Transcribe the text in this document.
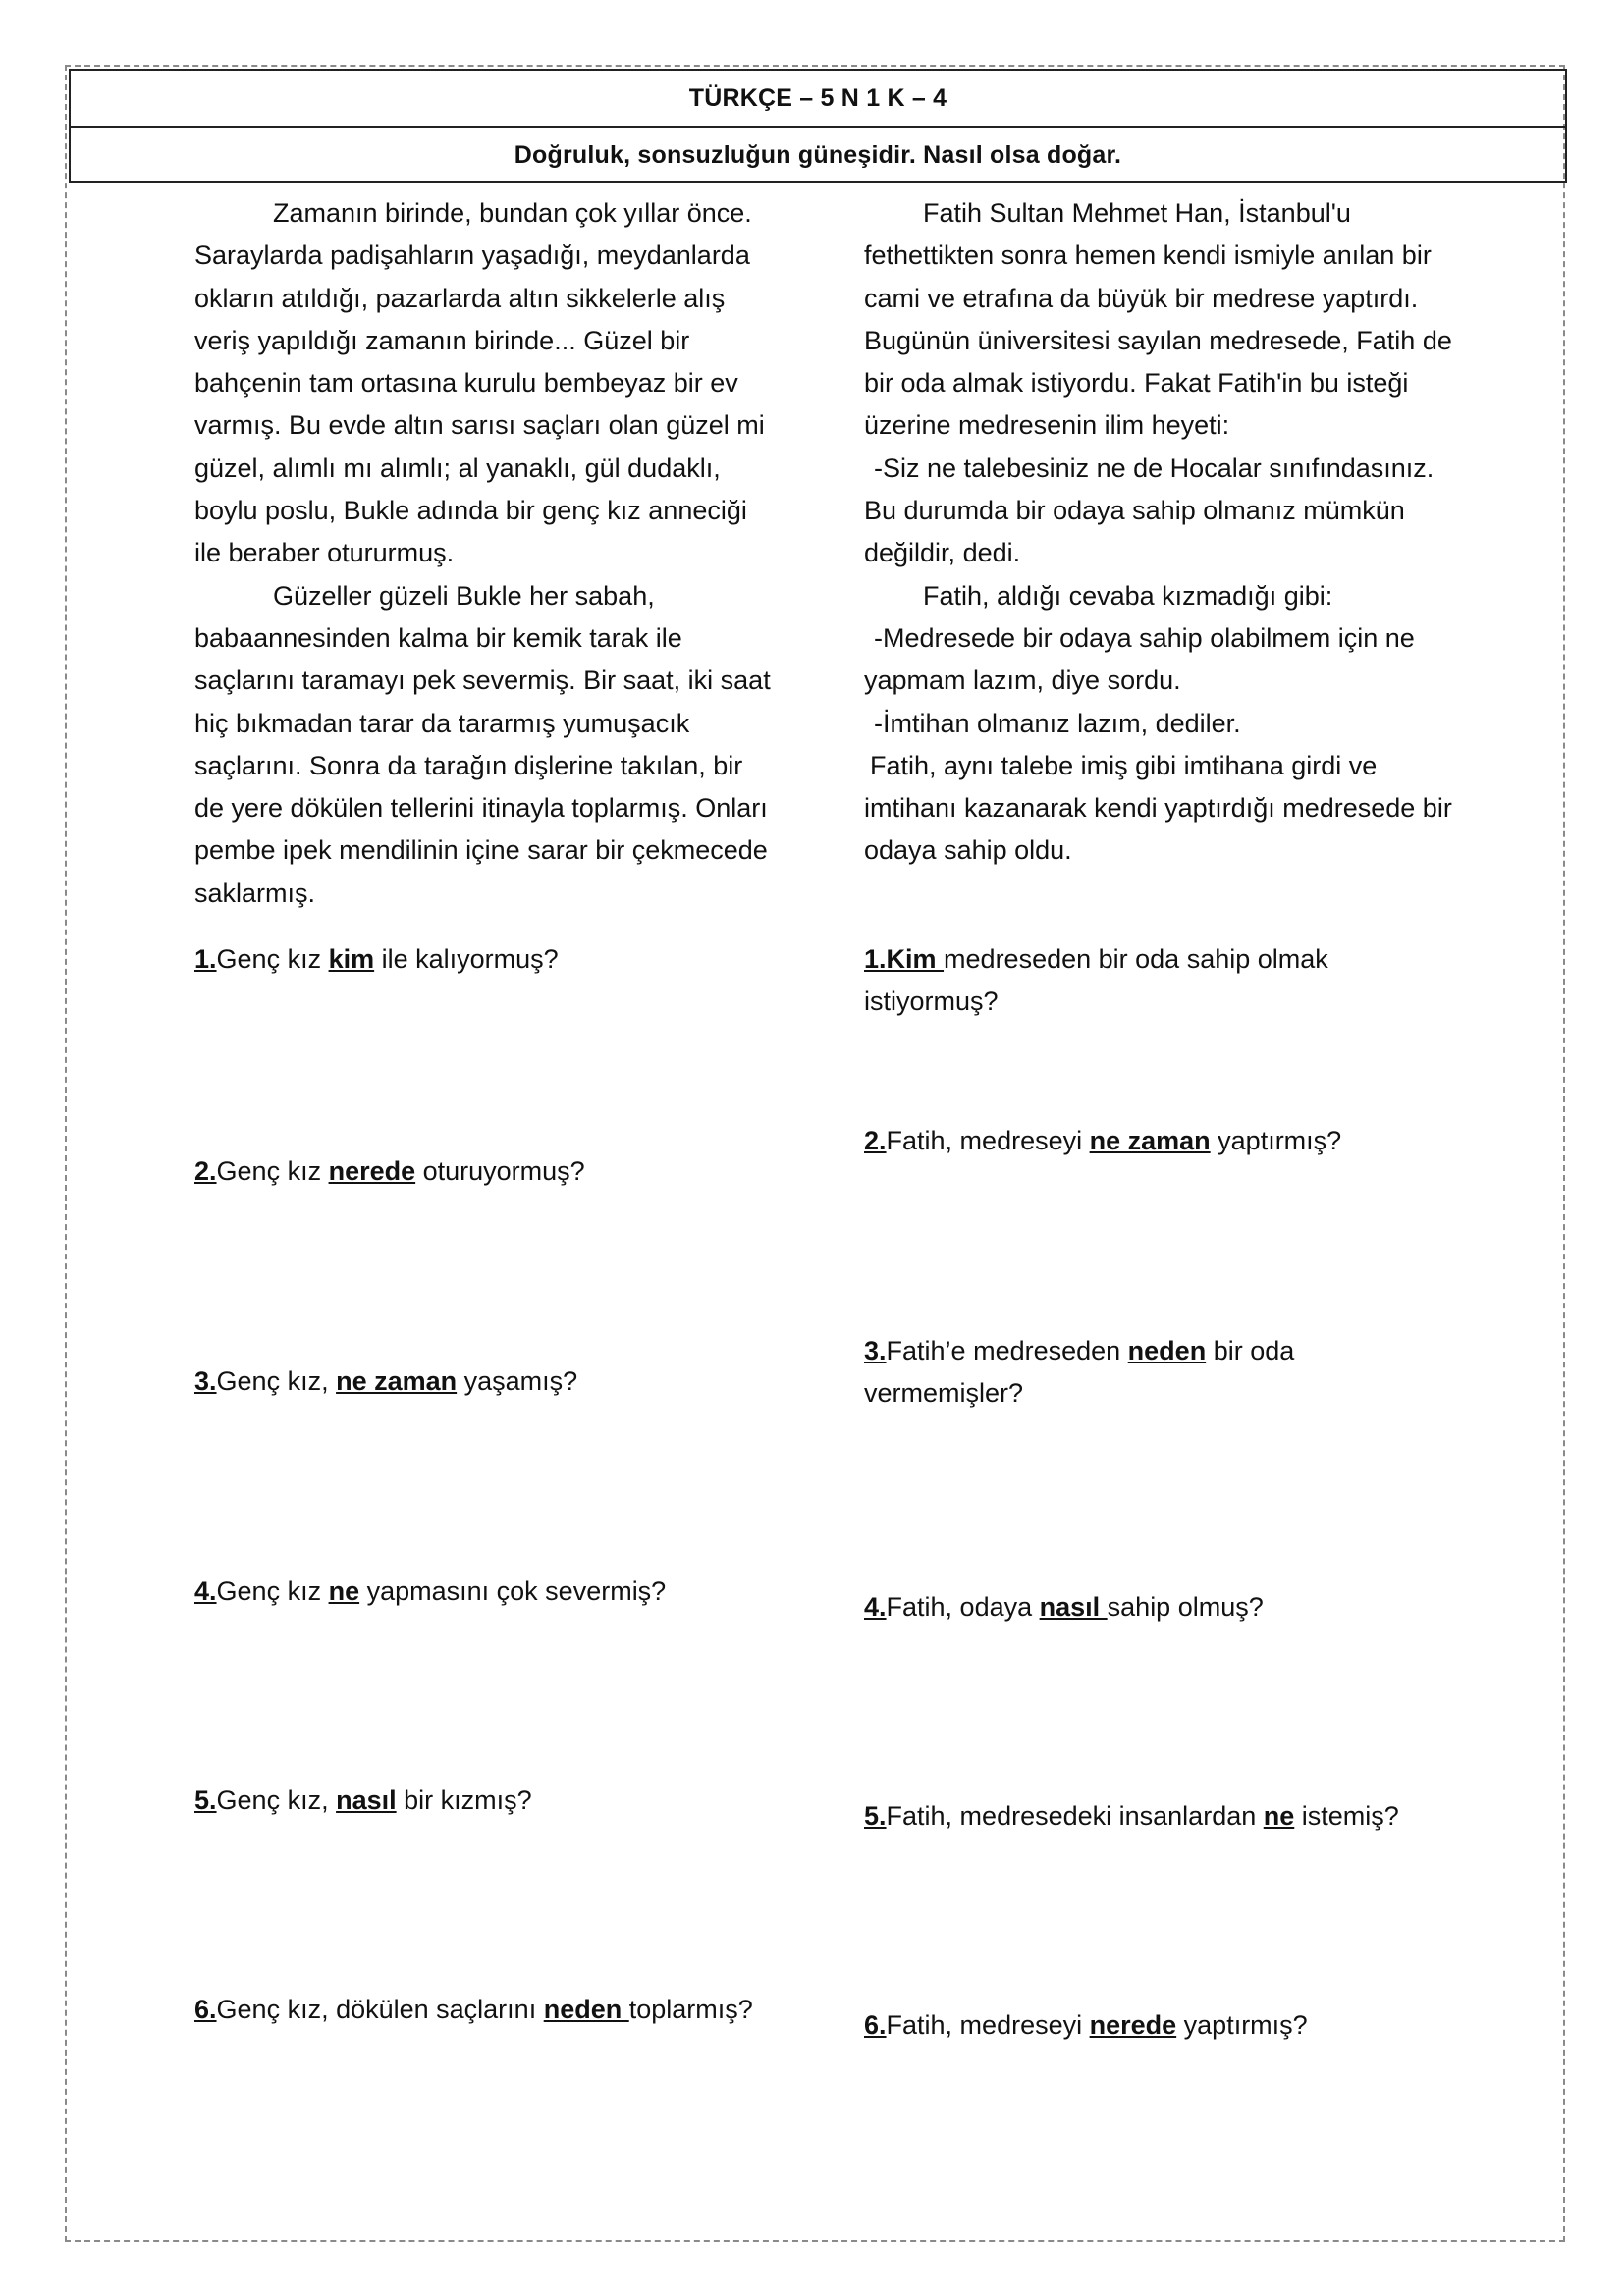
TÜRKÇE – 5 N 1 K – 4
Doğruluk, sonsuzluğun güneşidir. Nasıl olsa doğar.

Zamanın birinde, bundan çok yıllar önce. Saraylarda padişahların yaşadığı, meydanlarda okların atıldığı, pazarlarda altın sikkelerle alış veriş yapıldığı zamanın birinde... Güzel bir bahçenin tam ortasına kurulu bembeyaz bir ev varmış. Bu evde altın sarısı saçları olan güzel mi güzel, alımlı mı alımlı; al yanaklı, gül dudaklı, boylu poslu, Bukle adında bir genç kız anneciği ile beraber otururmuş.

Güzeller güzeli Bukle her sabah, babaannesinden kalma bir kemik tarak ile saçlarını taramayı pek severmiş. Bir saat, iki saat hiç bıkmadan tarar da tararmış yumuşacık saçlarını. Sonra da tarağın dişlerine takılan, bir de yere dökülen tellerini itinayla toplarmış. Onları pembe ipek mendilinin içine sarar bir çekmecede saklarmış.

Fatih Sultan Mehmet Han, İstanbul'u fethettikten sonra hemen kendi ismiyle anılan bir cami ve etrafına da büyük bir medrese yaptırdı. Bugünün üniversitesi sayılan medresede, Fatih de bir oda almak istiyordu. Fakat Fatih'in bu isteği üzerine medresenin ilim heyeti:

-Siz ne talebesiniz ne de Hocalar sınıfındasınız. Bu durumda bir odaya sahip olmanız mümkün değildir, dedi.

Fatih, aldığı cevaba kızmadığı gibi:

-Medresede bir odaya sahip olabilmem için ne yapmam lazım, diye sordu.

-İmtihan olmanız lazım, dediler.

Fatih, aynı talebe imiş gibi imtihana girdi ve imtihanı kazanarak kendi yaptırdığı medresede bir odaya sahip oldu.

1.Genç kız kim ile kalıyormuş?
2.Genç kız nerede oturuyormuş?
3.Genç kız, ne zaman yaşamış?
4.Genç kız ne yapmasını çok severmiş?
5.Genç kız, nasıl bir kızmış?
6.Genç kız, dökülen saçlarını neden toplarmış?
1.Kim medreseden bir oda sahip olmak istiyormuş?
2.Fatih, medreseyi ne zaman yaptırmış?
3.Fatih’e medreseden neden bir oda vermemişler?
4.Fatih, odaya nasıl sahip olmuş?
5.Fatih, medresedeki insanlardan ne istemiş?
6.Fatih, medreseyi nerede yaptırmış?
